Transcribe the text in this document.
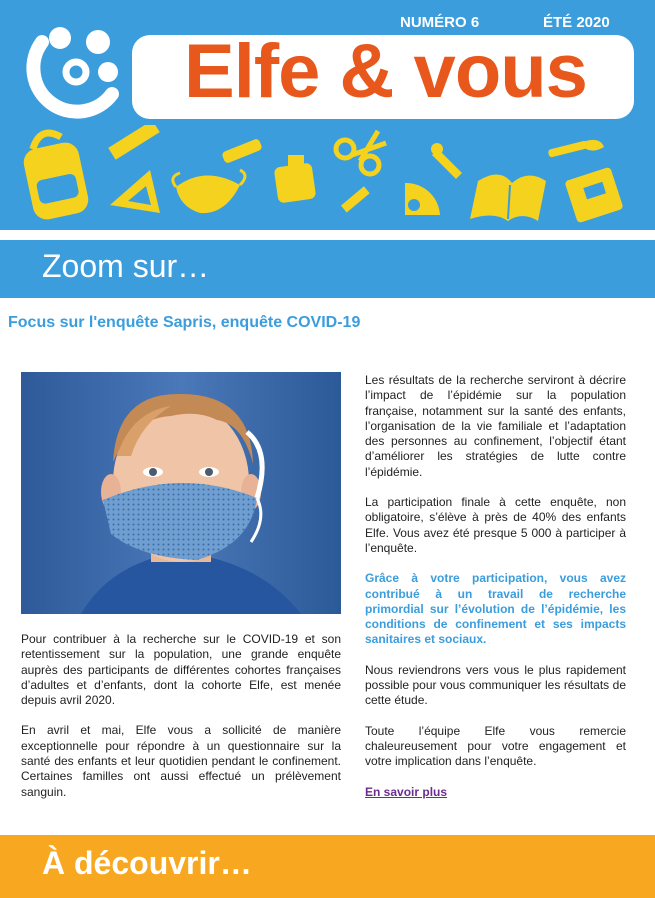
NUMÉRO 6	ÉTÉ 2020
Elfe & vous
Zoom sur…
Focus sur l'enquête Sapris, enquête COVID-19

Pour contribuer à la recherche sur le COVID-19 et son retentissement sur la population, une grande enquête auprès des participants de différentes cohortes françaises d’adultes et d’enfants, dont la cohorte Elfe, est menée depuis avril 2020.

En avril et mai, Elfe vous a sollicité de manière exceptionnelle pour répondre à un questionnaire sur la santé des enfants et leur quotidien pendant le confinement. Certaines familles ont aussi effectué un prélèvement sanguin.

Les résultats de la recherche serviront à décrire l’impact de l’épidémie sur la population française, notamment sur la santé des enfants, l’organisation de la vie familiale et l’adaptation des personnes au confinement, l’objectif étant d’améliorer les stratégies de lutte contre l’épidémie.

La participation finale à cette enquête, non obligatoire, s’élève à près de 40% des enfants Elfe. Vous avez été presque 5 000 à participer à l’enquête.

Grâce à votre participation, vous avez contribué à un travail de recherche primordial sur l’évolution de l’épidémie, les conditions de confinement et ses impacts sanitaires et sociaux.

Nous reviendrons vers vous le plus rapidement possible pour vous communiquer les résultats de cette étude.

Toute l’équipe Elfe vous remercie chaleureusement pour votre engagement et votre implication dans l’enquête.

En savoir plus

À découvrir…
